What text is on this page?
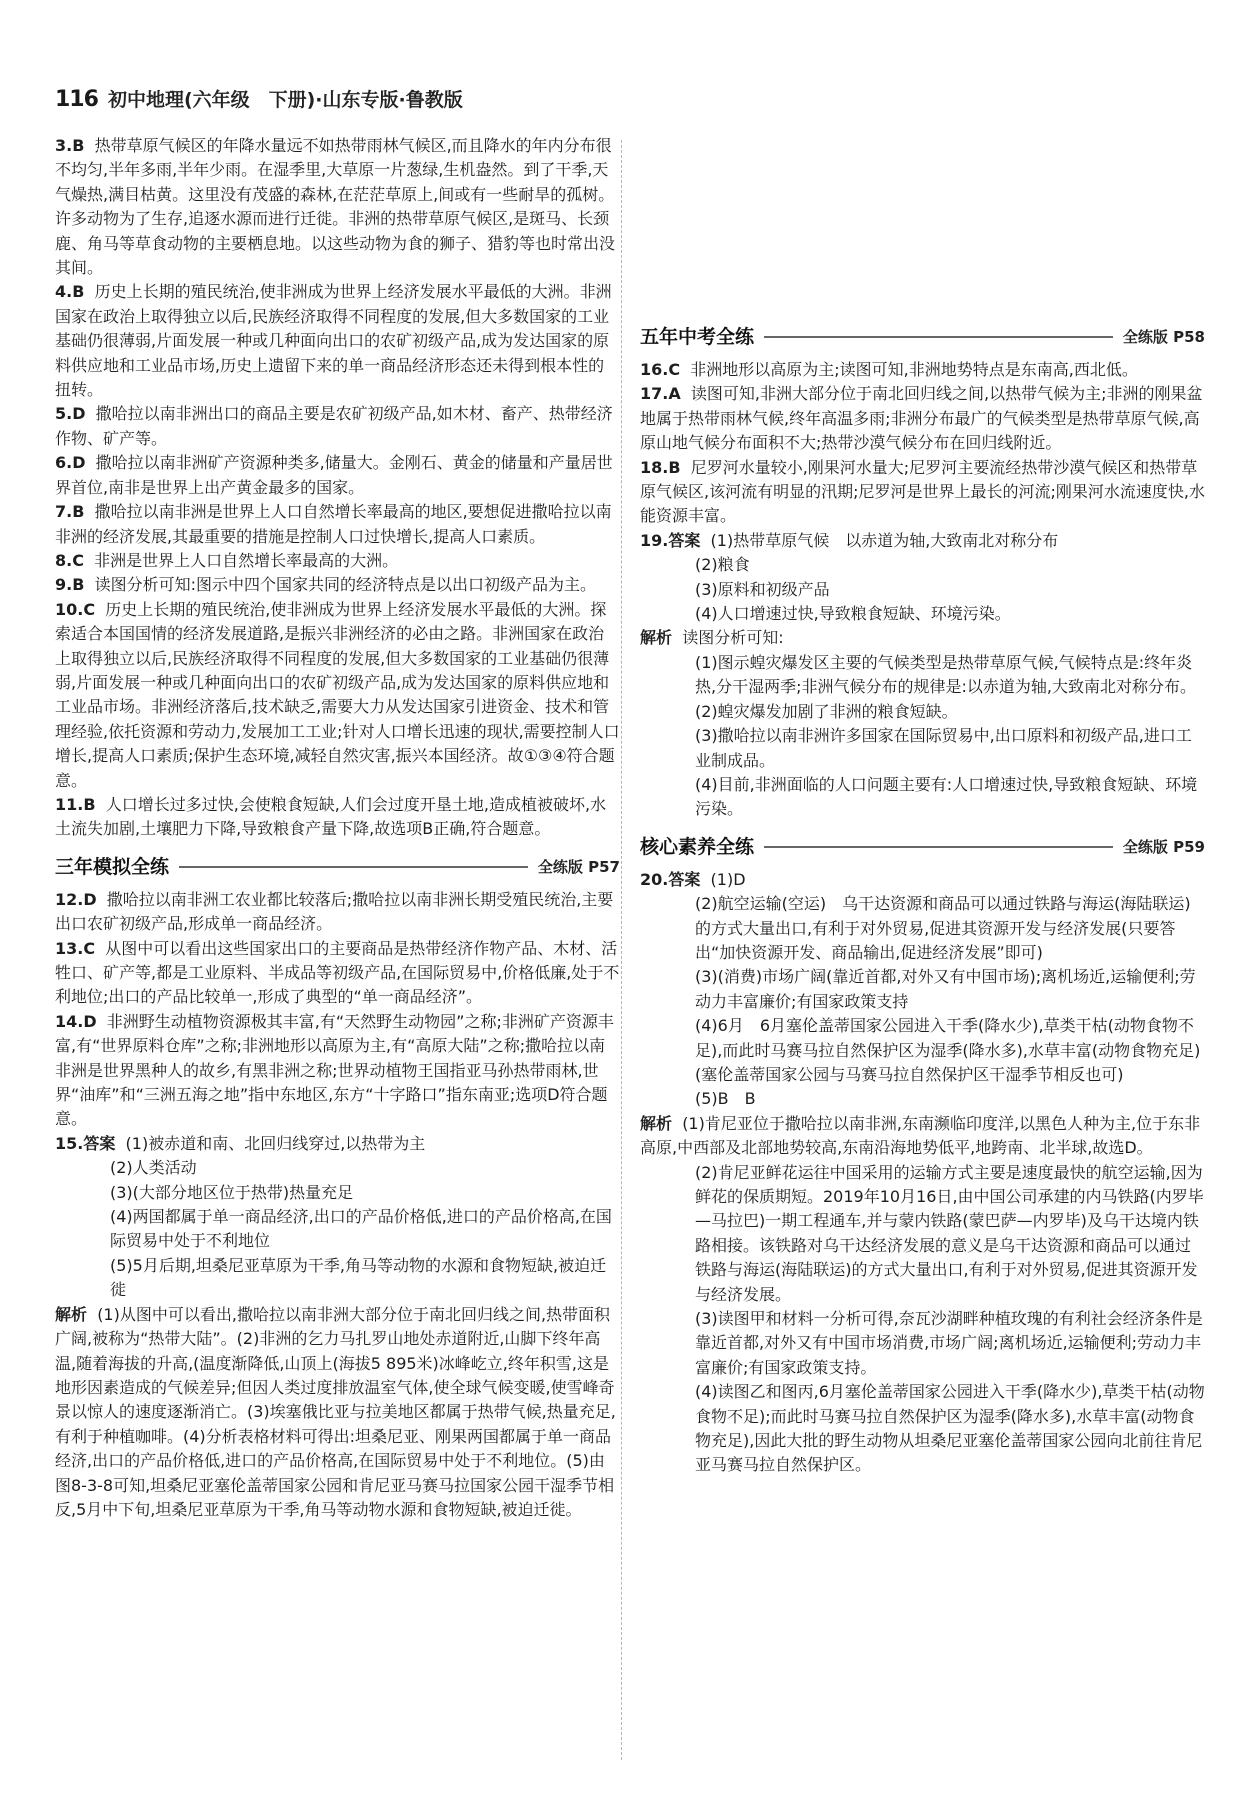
116 初中地理(六年级　下册)·山东专版·鲁教版

3.B 热带草原气候区的年降水量远不如热带雨林气候区,而且降水的年内分布很不均匀,半年多雨,半年少雨。在湿季里,大草原一片葱绿,生机盎然。到了干季,天气燥热,满目枯黄。这里没有茂盛的森林,在茫茫草原上,间或有一些耐旱的孤树。许多动物为了生存,追逐水源而进行迁徙。非洲的热带草原气候区,是斑马、长颈鹿、角马等草食动物的主要栖息地。以这些动物为食的狮子、猎豹等也时常出没其间。

4.B 历史上长期的殖民统治,使非洲成为世界上经济发展水平最低的大洲。非洲国家在政治上取得独立以后,民族经济取得不同程度的发展,但大多数国家的工业基础仍很薄弱,片面发展一种或几种面向出口的农矿初级产品,成为发达国家的原料供应地和工业品市场,历史上遗留下来的单一商品经济形态还未得到根本性的扭转。

5.D 撒哈拉以南非洲出口的商品主要是农矿初级产品,如木材、畜产、热带经济作物、矿产等。

6.D 撒哈拉以南非洲矿产资源种类多,储量大。金刚石、黄金的储量和产量居世界首位,南非是世界上出产黄金最多的国家。

7.B 撒哈拉以南非洲是世界上人口自然增长率最高的地区,要想促进撒哈拉以南非洲的经济发展,其最重要的措施是控制人口过快增长,提高人口素质。

8.C 非洲是世界上人口自然增长率最高的大洲。

9.B 读图分析可知:图示中四个国家共同的经济特点是以出口初级产品为主。

10.C 历史上长期的殖民统治,使非洲成为世界上经济发展水平最低的大洲。探索适合本国国情的经济发展道路,是振兴非洲经济的必由之路。非洲国家在政治上取得独立以后,民族经济取得不同程度的发展,但大多数国家的工业基础仍很薄弱,片面发展一种或几种面向出口的农矿初级产品,成为发达国家的原料供应地和工业品市场。非洲经济落后,技术缺乏,需要大力从发达国家引进资金、技术和管理经验,依托资源和劳动力,发展加工工业;针对人口增长迅速的现状,需要控制人口增长,提高人口素质;保护生态环境,减轻自然灾害,振兴本国经济。故①③④符合题意。

11.B 人口增长过多过快,会使粮食短缺,人们会过度开垦土地,造成植被破坏,水土流失加剧,土壤肥力下降,导致粮食产量下降,故选项B正确,符合题意。

三年模拟全练	全练版 P57

12.D 撒哈拉以南非洲工农业都比较落后;撒哈拉以南非洲长期受殖民统治,主要出口农矿初级产品,形成单一商品经济。

13.C 从图中可以看出这些国家出口的主要商品是热带经济作物产品、木材、活牲口、矿产等,都是工业原料、半成品等初级产品,在国际贸易中,价格低廉,处于不利地位;出口的产品比较单一,形成了典型的“单一商品经济”。

14.D 非洲野生动植物资源极其丰富,有“天然野生动物园”之称;非洲矿产资源丰富,有“世界原料仓库”之称;非洲地形以高原为主,有“高原大陆”之称;撒哈拉以南非洲是世界黑种人的故乡,有黑非洲之称;世界动植物王国指亚马孙热带雨林,世界“油库”和“三洲五海之地”指中东地区,东方“十字路口”指东南亚;选项D符合题意。

15.答案 (1)被赤道和南、北回归线穿过,以热带为主

(2)人类活动

(3)(大部分地区位于热带)热量充足

(4)两国都属于单一商品经济,出口的产品价格低,进口的产品价格高,在国际贸易中处于不利地位

(5)5月后期,坦桑尼亚草原为干季,角马等动物的水源和食物短缺,被迫迁徙

解析 (1)从图中可以看出,撒哈拉以南非洲大部分位于南北回归线之间,热带面积广阔,被称为“热带大陆”。(2)非洲的乞力马扎罗山地处赤道附近,山脚下终年高温,随着海拔的升高,(温度渐降低,山顶上(海拔5 895米)冰峰屹立,终年积雪,这是地形因素造成的气候差异;但因人类过度排放温室气体,使全球气候变暖,使雪峰奇景以惊人的速度逐渐消亡。(3)埃塞俄比亚与拉美地区都属于热带气候,热量充足,有利于种植咖啡。(4)分析表格材料可得出:坦桑尼亚、刚果两国都属于单一商品经济,出口的产品价格低,进口的产品价格高,在国际贸易中处于不利地位。(5)由图8-3-8可知,坦桑尼亚塞伦盖蒂国家公园和肯尼亚马赛马拉国家公园干湿季节相反,5月中下旬,坦桑尼亚草原为干季,角马等动物水源和食物短缺,被迫迁徙。

五年中考全练	全练版 P58

16.C 非洲地形以高原为主;读图可知,非洲地势特点是东南高,西北低。

17.A 读图可知,非洲大部分位于南北回归线之间,以热带气候为主;非洲的刚果盆地属于热带雨林气候,终年高温多雨;非洲分布最广的气候类型是热带草原气候,高原山地气候分布面积不大;热带沙漠气候分布在回归线附近。

18.B 尼罗河水量较小,刚果河水量大;尼罗河主要流经热带沙漠气候区和热带草原气候区,该河流有明显的汛期;尼罗河是世界上最长的河流;刚果河水流速度快,水能资源丰富。

19.答案 (1)热带草原气候　以赤道为轴,大致南北对称分布

(2)粮食

(3)原料和初级产品

(4)人口增速过快,导致粮食短缺、环境污染。

解析 读图分析可知:

(1)图示蝗灾爆发区主要的气候类型是热带草原气候,气候特点是:终年炎热,分干湿两季;非洲气候分布的规律是:以赤道为轴,大致南北对称分布。

(2)蝗灾爆发加剧了非洲的粮食短缺。

(3)撒哈拉以南非洲许多国家在国际贸易中,出口原料和初级产品,进口工业制成品。

(4)目前,非洲面临的人口问题主要有:人口增速过快,导致粮食短缺、环境污染。

核心素养全练	全练版 P59

20.答案 (1)D

(2)航空运输(空运)　乌干达资源和商品可以通过铁路与海运(海陆联运)的方式大量出口,有利于对外贸易,促进其资源开发与经济发展(只要答出“加快资源开发、商品输出,促进经济发展”即可)

(3)(消费)市场广阔(靠近首都,对外又有中国市场);离机场近,运输便利;劳动力丰富廉价;有国家政策支持

(4)6月　6月塞伦盖蒂国家公园进入干季(降水少),草类干枯(动物食物不足),而此时马赛马拉自然保护区为湿季(降水多),水草丰富(动物食物充足)(塞伦盖蒂国家公园与马赛马拉自然保护区干湿季节相反也可)

(5)B　B

解析 (1)肯尼亚位于撒哈拉以南非洲,东南濒临印度洋,以黑色人种为主,位于东非高原,中西部及北部地势较高,东南沿海地势低平,地跨南、北半球,故选D。

(2)肯尼亚鲜花运往中国采用的运输方式主要是速度最快的航空运输,因为鲜花的保质期短。2019年10月16日,由中国公司承建的内马铁路(内罗毕—马拉巴)一期工程通车,并与蒙内铁路(蒙巴萨—内罗毕)及乌干达境内铁路相接。该铁路对乌干达经济发展的意义是乌干达资源和商品可以通过铁路与海运(海陆联运)的方式大量出口,有利于对外贸易,促进其资源开发与经济发展。

(3)读图甲和材料一分析可得,奈瓦沙湖畔种植玫瑰的有利社会经济条件是靠近首都,对外又有中国市场消费,市场广阔;离机场近,运输便利;劳动力丰富廉价;有国家政策支持。

(4)读图乙和图丙,6月塞伦盖蒂国家公园进入干季(降水少),草类干枯(动物食物不足);而此时马赛马拉自然保护区为湿季(降水多),水草丰富(动物食物充足),因此大批的野生动物从坦桑尼亚塞伦盖蒂国家公园向北前往肯尼亚马赛马拉自然保护区。
